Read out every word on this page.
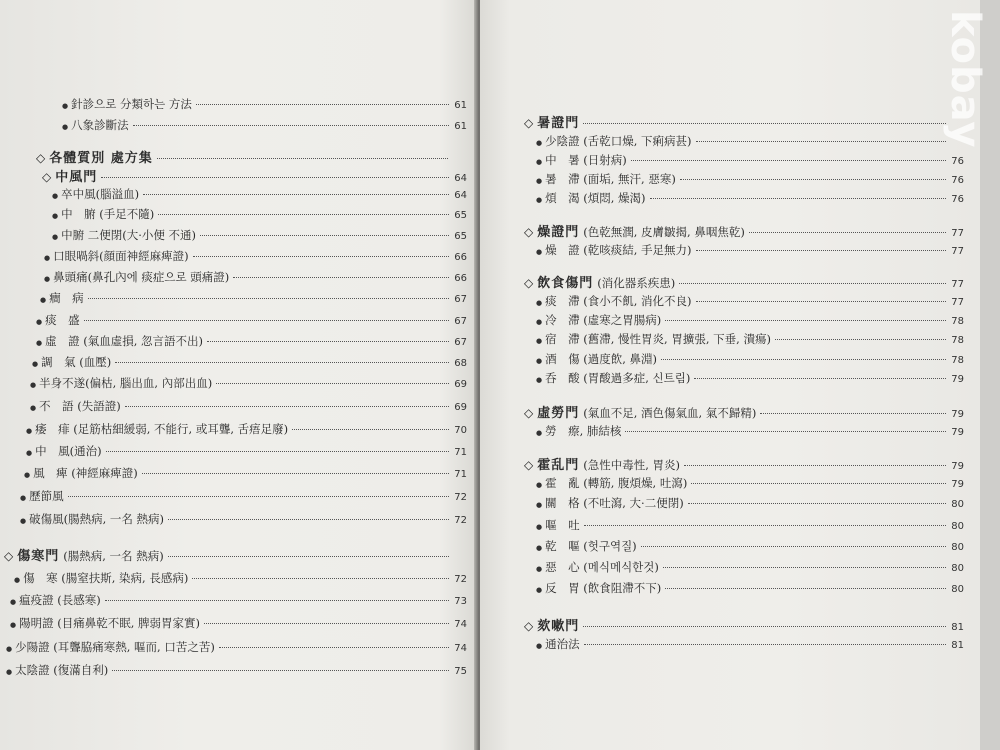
● 針診으로 分類하는 方法	61
● 八象診斷法	61
◇ 各體質別 處方集
◇ 中風門	64
● 卒中風(腦溢血)	64
● 中　腑 (手足不隨)	65
● 中腑 二便閉(大·小便 不通)	65
● 口眼喎斜(顔面神經麻痺證)	66
● 鼻頭痛(鼻孔內에 痰症으로 頭痛證)	66
● 癎　病	67
● 痰　盛	67
● 虛　證 (氣血虛損, 忽言語不出)	67
● 調　氣 (血壓)	68
● 半身不遂(偏枯, 腦出血, 內部出血)	69
● 不　語 (失語證)	69
● 痿　痱 (足筋枯細緩弱, 不能行, 或耳聾, 舌痦足廢)	70
● 中　風(通治)	71
● 風　痺 (神經麻痺證)	71
● 歷節風	72
● 破傷風(腸熱病, 一名 熱病)	72
◇ 傷寒門 (腸熱病, 一名 熱病)
● 傷　寒 (腸窒扶斯, 染病, 長感病)	72
● 瘟疫證 (長感寒)	73
● 陽明證 (目痛鼻乾不眠, 脾弱胃家實)	74
● 少陽證 (耳聾脇痛寒熱, 嘔而, 口苦之苦)	74
● 太陰證 (復滿自利)	75
◇ 暑證門
● 少陰證 (舌乾口燥, 下痢病甚)
● 中　暑 (日射病)	76
● 暑　滯 (面垢, 無汗, 惡寒)	76
● 煩　渴 (煩悶, 燥渴)	76
◇ 燥證門 (色乾無潤, 皮膚皺揭, 鼻咽焦乾)	77
● 燥　證 (乾咳痰結, 手足無力)	77
◇ 飲食傷門 (消化器系疾患)	77
● 痰　滯 (食小不飢, 消化不良)	77
● 冷　滯 (虛寒之胃腸病)	78
● 宿　滯 (舊滯, 慢性胃炎, 胃擴張, 下垂, 潰瘍)	78
● 酒　傷 (過度飲, 鼻淵)	78
● 呑　酸 (胃酸過多症, 신트림)	79
◇ 虛勞門 (氣血不足, 酒色傷氣血, 氣不歸精)	79
● 勞　瘵, 肺結核	79
◇ 霍乱門 (急性中毒性, 胃炎)	79
● 霍　亂 (轉筋, 腹煩燥, 吐瀉)	79
● 關　格 (不吐瀉, 大·二便閉)	80
● 嘔　吐	80
● 乾　嘔 (헛구역질)	80
● 惡　心 (메식메식한것)	80
● 反　胃 (飲食阻滯不下)	80
◇ 欬嗽門	81
● 通治法	81
kobay
